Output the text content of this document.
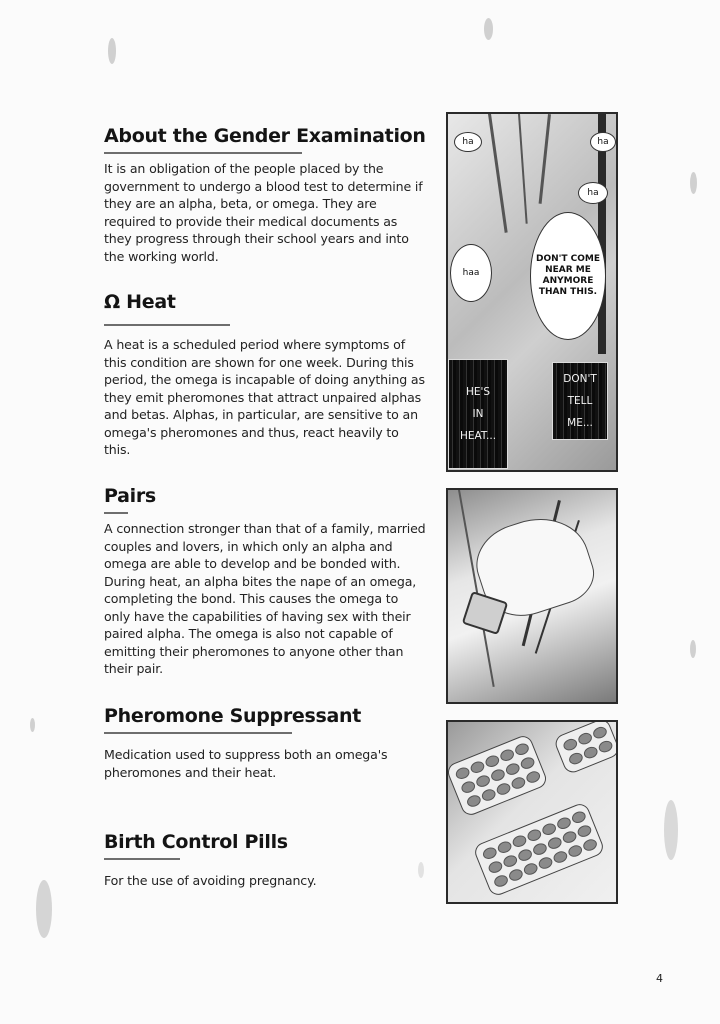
About the Gender Examination

It is an obligation of the people placed by the government to undergo a blood test to determine if they are an alpha, beta, or omega. They are required to provide their medical documents as they progress through their school years and into the working world.

Ω Heat

A heat is a scheduled period where symptoms of this condition are shown for one week. During this period, the omega is incapable of doing anything as they emit pheromones that attract unpaired alphas and betas. Alphas, in particular, are sensitive to an omega's pheromones and thus, react heavily to this.

Pairs

A connection stronger than that of a family, married couples and lovers, in which only an alpha and omega are able to develop and be bonded with. During heat, an alpha bites the nape of an omega, completing the bond. This causes the omega to only have the capabilities of having sex with their paired alpha. The omega is also not capable of emitting their pheromones to anyone other than their pair.

Pheromone Suppressant

Medication used to suppress both an omega's pheromones and their heat.

Birth Control Pills

For the use of avoiding pregnancy.

ha	ha
ha
haa
DON'T COME NEAR ME ANYMORE THAN THIS.
HE'S
IN
HEAT...
DON'T
TELL
ME...
4
